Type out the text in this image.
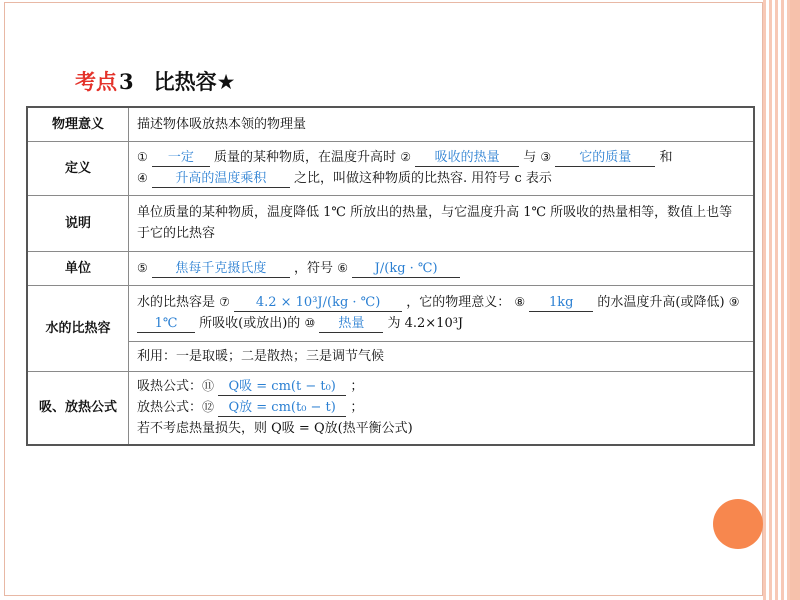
考点3 比热容★
物理意义	描述物体吸放热本领的物理量
定义	① 一定 质量的某种物质，在温度升高时 ② 吸收的热量 与 ③ 它的质量 和
④ 升高的温度乘积 之比，叫做这种物质的比热容. 用符号 c 表示
说明	单位质量的某种物质，温度降低 1℃ 所放出的热量，与它温度升高 1℃ 所吸收的热量相等，数值上也等于它的比热容
单位	⑤ 焦每千克摄氏度 ，符号 ⑥ J/(kg · ℃)
水的比热容	水的比热容是 ⑦ 4.2 × 10³J/(kg · ℃) ，它的物理意义： ⑧ 1kg 的水温度升高(或降低) ⑨ 1℃ 所吸收(或放出)的 ⑩ 热量 为 4.2×10³J
	利用：一是取暖；二是散热；三是调节气候
吸、放热公式	吸热公式：⑪ Q吸 = cm(t − t₀) ；
放热公式：⑫ Q放 = cm(t₀ − t) ；
若不考虑热量损失，则 Q吸 = Q放(热平衡公式)
